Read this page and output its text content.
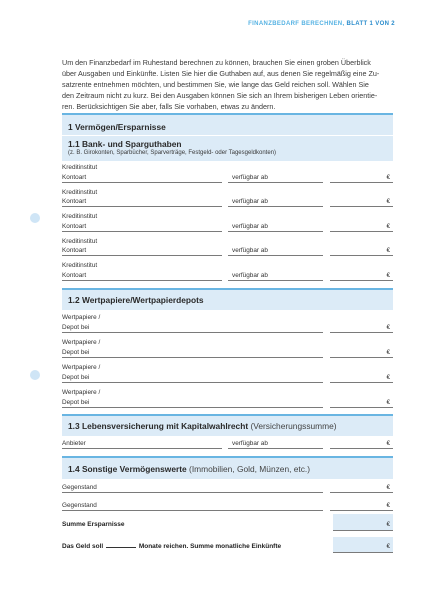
FINANZBEDARF BERECHNEN, BLATT 1 VON 2
Um den Finanzbedarf im Ruhestand berechnen zu können, brauchen Sie einen groben Überblick
über Ausgaben und Einkünfte. Listen Sie hier die Guthaben auf, aus denen Sie regelmäßig eine Zu-
satzrente entnehmen möchten, und bestimmen Sie, wie lange das Geld reichen soll. Wählen Sie
den Zeitraum nicht zu kurz. Bei den Ausgaben können Sie sich an Ihrem bisherigen Leben orientie-
ren. Berücksichtigen Sie aber, falls Sie vorhaben, etwas zu ändern.
1 Vermögen/Ersparnisse
1.1 Bank- und Sparguthaben
(z. B. Girokonten, Sparbücher, Sparverträge, Festgeld- oder Tagesgeldkonten)
Kreditinstitut
Kontoart	verfügbar ab	€
Kreditinstitut
Kontoart	verfügbar ab	€
Kreditinstitut
Kontoart	verfügbar ab	€
Kreditinstitut
Kontoart	verfügbar ab	€
Kreditinstitut
Kontoart	verfügbar ab	€
1.2 Wertpapiere/Wertpapierdepots
Wertpapiere /
Depot bei	€
Wertpapiere /
Depot bei	€
Wertpapiere /
Depot bei	€
Wertpapiere /
Depot bei	€
1.3 Lebensversicherung mit Kapitalwahlrecht (Versicherungssumme)
Anbieter	verfügbar ab	€
1.4 Sonstige Vermögenswerte (Immobilien, Gold, Münzen, etc.)
Gegenstand	€
Gegenstand	€
Summe Ersparnisse	€
Das Geld soll	Monate reichen. Summe monatliche Einkünfte	€
